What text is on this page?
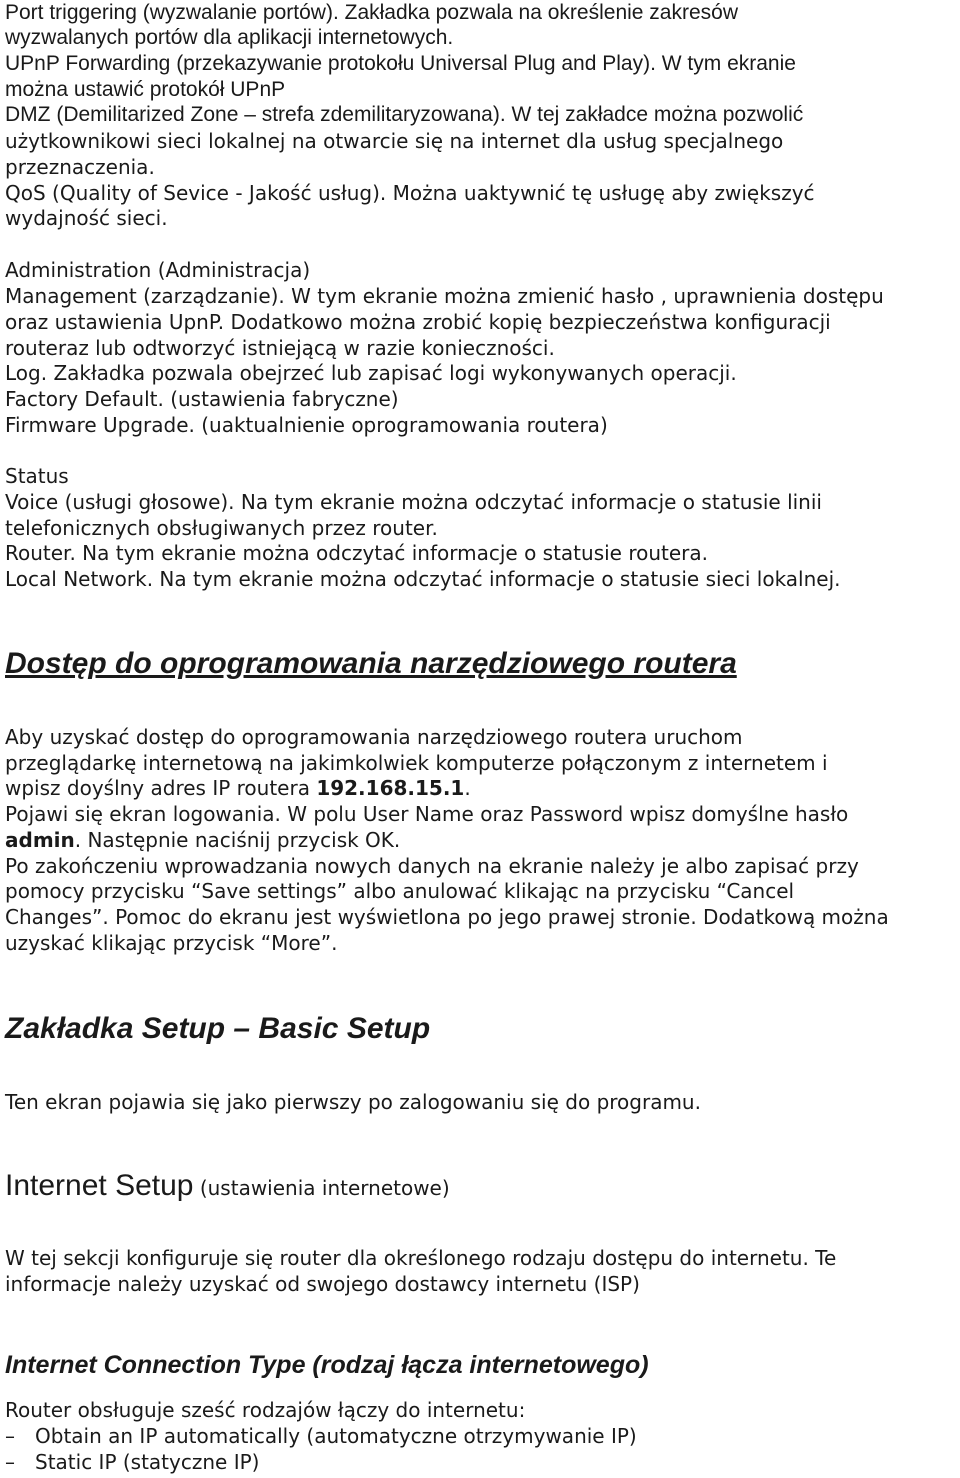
Port triggering (wyzwalanie portów). Zakładka pozwala na określenie zakresów
wyzwalanych portów dla aplikacji internetowych.
UPnP Forwarding (przekazywanie protokołu Universal Plug and Play). W tym ekranie
można ustawić protokół UPnP
DMZ (Demilitarized Zone – strefa zdemilitaryzowana). W tej zakładce można pozwolić
użytkownikowi sieci lokalnej na otwarcie się na internet dla usług specjalnego
przeznaczenia.
QoS (Quality of Sevice - Jakość usług). Można uaktywnić tę usługę aby zwiększyć
wydajność sieci.
Administration (Administracja)
Management (zarządzanie). W tym ekranie można zmienić hasło , uprawnienia dostępu
oraz ustawienia UpnP. Dodatkowo można zrobić kopię bezpieczeństwa konfiguracji
routeraz lub odtworzyć istniejącą w razie konieczności.
Log. Zakładka pozwala obejrzeć lub zapisać logi wykonywanych operacji.
Factory Default. (ustawienia fabryczne)
Firmware Upgrade. (uaktualnienie oprogramowania routera)
Status
Voice (usługi głosowe). Na tym ekranie można odczytać informacje o statusie linii
telefonicznych obsługiwanych przez router.
Router. Na tym ekranie można odczytać informacje o statusie routera.
Local Network. Na tym ekranie można odczytać informacje o statusie sieci lokalnej.
Dostęp do oprogramowania narzędziowego routera
Aby uzyskać dostęp do oprogramowania narzędziowego routera uruchom
przeglądarkę internetową na jakimkolwiek komputerze połączonym z internetem i
wpisz doyślny adres IP routera 192.168.15.1.
Pojawi się ekran logowania. W polu User Name oraz Password wpisz domyślne hasło
admin. Następnie naciśnij przycisk OK.
Po zakończeniu wprowadzania nowych danych na ekranie należy je albo zapisać przy
pomocy przycisku “Save settings” albo anulować klikając na przycisku “Cancel
Changes”. Pomoc do ekranu jest wyświetlona po jego prawej stronie. Dodatkową można
uzyskać klikając przycisk “More”.
Zakładka Setup – Basic Setup
Ten ekran pojawia się jako pierwszy po zalogowaniu się do programu.
Internet Setup (ustawienia internetowe)
W tej sekcji konfiguruje się router dla określonego rodzaju dostępu do internetu. Te
informacje należy uzyskać od swojego dostawcy internetu (ISP)
Internet Connection Type (rodzaj łącza internetowego)
Router obsługuje sześć rodzajów łączy do internetu:
– Obtain an IP automatically (automatyczne otrzymywanie IP)
– Static IP (statyczne IP)
